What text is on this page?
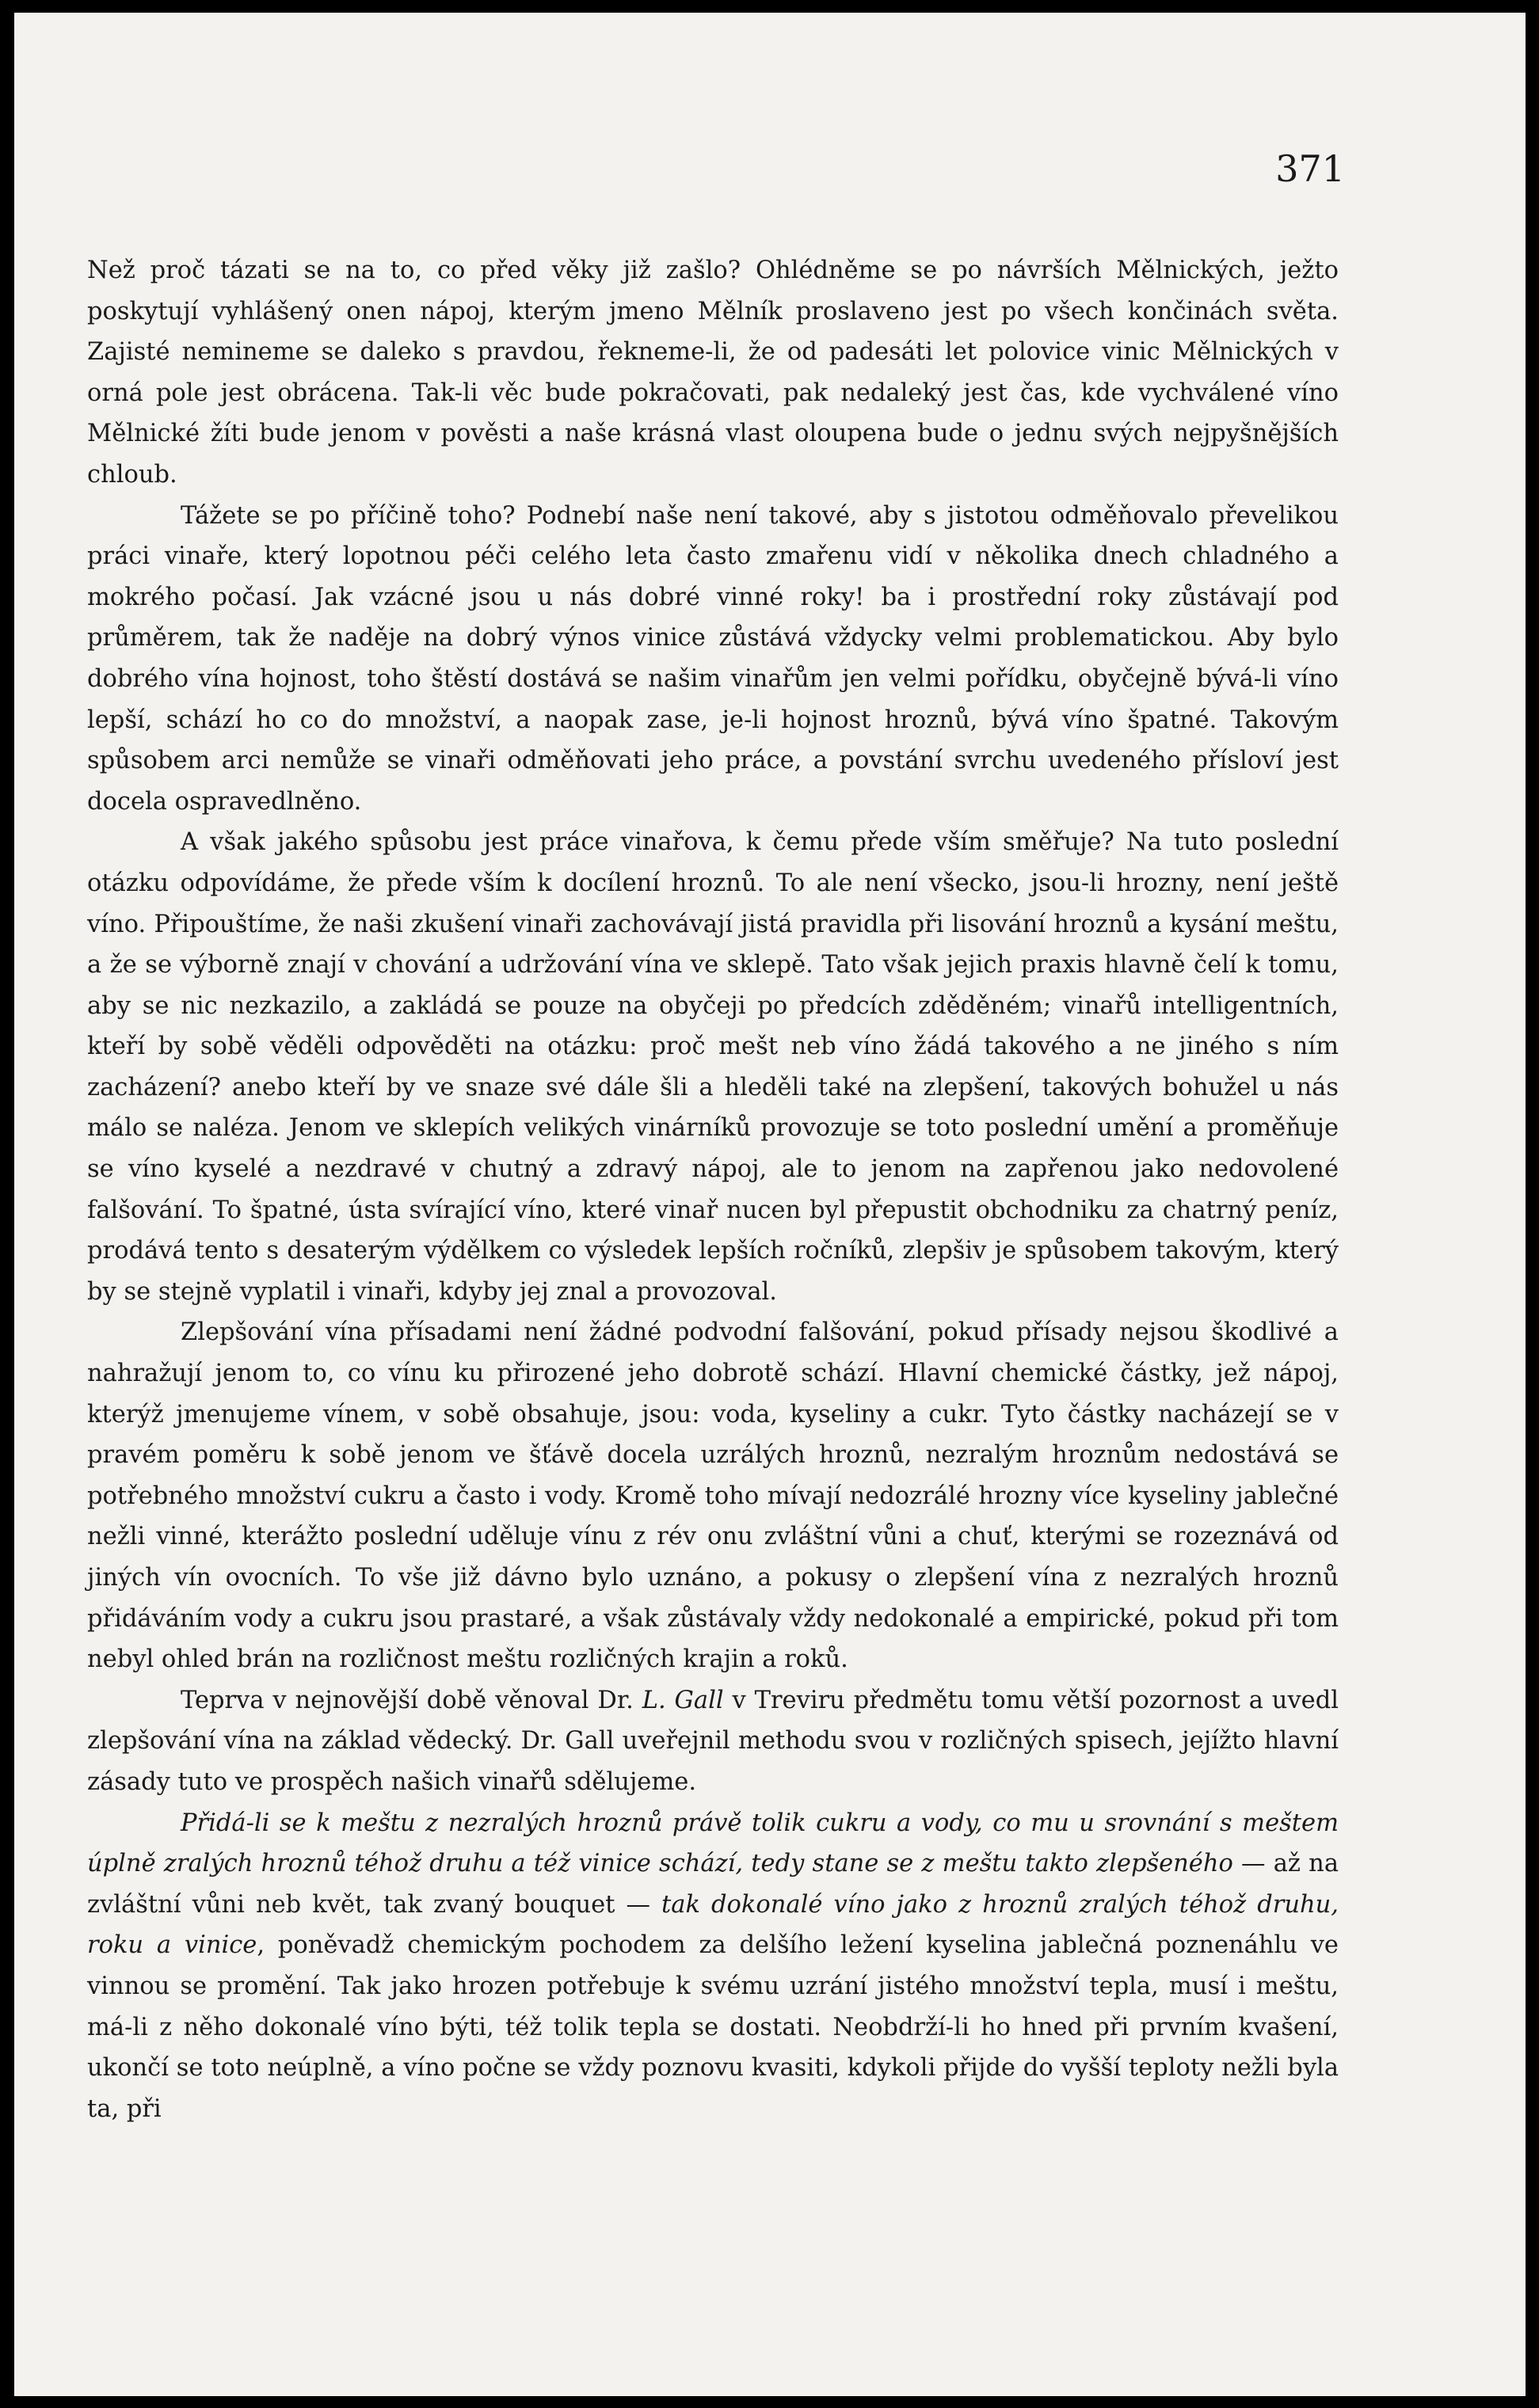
371

Než proč tázati se na to, co před věky již zašlo? Ohlédněme se po návrších Mělnických, ježto poskytují vyhlášený onen nápoj, kterým jmeno Mělník proslaveno jest po všech končinách světa. Zajisté nemineme se daleko s pravdou, řekneme-li, že od padesáti let polovice vinic Mělnických v orná pole jest obrácena. Tak-li věc bude pokračovati, pak nedaleký jest čas, kde vychválené víno Mělnické žíti bude jenom v pověsti a naše krásná vlast oloupena bude o jednu svých nejpyšnějších chloub.

Tážete se po příčině toho? Podnebí naše není takové, aby s jistotou odměňovalo převelikou práci vinaře, který lopotnou péči celého leta často zmařenu vidí v několika dnech chladného a mokrého počasí. Jak vzácné jsou u nás dobré vinné roky! ba i prostřední roky zůstávají pod průměrem, tak že naděje na dobrý výnos vinice zůstává vždycky velmi problematickou. Aby bylo dobrého vína hojnost, toho štěstí dostává se našim vinařům jen velmi pořídku, obyčejně bývá-li víno lepší, schází ho co do množství, a naopak zase, je-li hojnost hroznů, bývá víno špatné. Takovým spůsobem arci nemůže se vinaři odměňovati jeho práce, a povstání svrchu uvedeného přísloví jest docela ospravedlněno.

A však jakého spůsobu jest práce vinařova, k čemu přede vším směřuje? Na tuto poslední otázku odpovídáme, že přede vším k docílení hroznů. To ale není všecko, jsou-li hrozny, není ještě víno. Připouštíme, že naši zkušení vinaři zachovávají jistá pravidla při lisování hroznů a kysání meštu, a že se výborně znají v chování a udržování vína ve sklepě. Tato však jejich praxis hlavně čelí k tomu, aby se nic nezkazilo, a zakládá se pouze na obyčeji po předcích zděděném; vinařů intelligentních, kteří by sobě věděli odpověděti na otázku: proč mešt neb víno žádá takového a ne jiného s ním zacházení? anebo kteří by ve snaze své dále šli a hleděli také na zlepšení, takových bohužel u nás málo se naléza. Jenom ve sklepích velikých vinárníků provozuje se toto poslední umění a proměňuje se víno kyselé a nezdravé v chutný a zdravý nápoj, ale to jenom na zapřenou jako nedovolené falšování. To špatné, ústa svírající víno, které vinař nucen byl přepustit obchodniku za chatrný peníz, prodává tento s desaterým výdělkem co výsledek lepších ročníků, zlepšiv je spůsobem takovým, který by se stejně vyplatil i vinaři, kdyby jej znal a provozoval.

Zlepšování vína přísadami není žádné podvodní falšování, pokud přísady nejsou škodlivé a nahražují jenom to, co vínu ku přirozené jeho dobrotě schází. Hlavní chemické částky, jež nápoj, kterýž jmenujeme vínem, v sobě obsahuje, jsou: voda, kyseliny a cukr. Tyto částky nacházejí se v pravém poměru k sobě jenom ve šťávě docela uzrálých hroznů, nezralým hroznům nedostává se potřebného množství cukru a často i vody. Kromě toho mívají nedozrálé hrozny více kyseliny jablečné nežli vinné, kterážto poslední uděluje vínu z rév onu zvláštní vůni a chuť, kterými se rozeznává od jiných vín ovocních. To vše již dávno bylo uznáno, a pokusy o zlepšení vína z nezralých hroznů přidáváním vody a cukru jsou prastaré, a však zůstávaly vždy nedokonalé a empirické, pokud při tom nebyl ohled brán na rozličnost meštu rozličných krajin a roků.

Teprva v nejnovější době věnoval Dr. L. Gall v Treviru předmětu tomu větší pozornost a uvedl zlepšování vína na základ vědecký. Dr. Gall uveřejnil methodu svou v rozličných spisech, jejížto hlavní zásady tuto ve prospěch našich vinařů sdělujeme.

Přidá-li se k meštu z nezralých hroznů právě tolik cukru a vody, co mu u srovnání s meštem úplně zralých hroznů téhož druhu a též vinice schází, tedy stane se z meštu takto zlepšeného — až na zvláštní vůni neb květ, tak zvaný bouquet — tak dokonalé víno jako z hroznů zralých téhož druhu, roku a vinice, poněvadž chemickým pochodem za delšího ležení kyselina jablečná poznenáhlu ve vinnou se promění. Tak jako hrozen potřebuje k svému uzrání jistého množství tepla, musí i meštu, má-li z něho dokonalé víno býti, též tolik tepla se dostati. Neobdrží-li ho hned při prvním kvašení, ukončí se toto neúplně, a víno počne se vždy poznovu kvasiti, kdykoli přijde do vyšší teploty nežli byla ta, při
